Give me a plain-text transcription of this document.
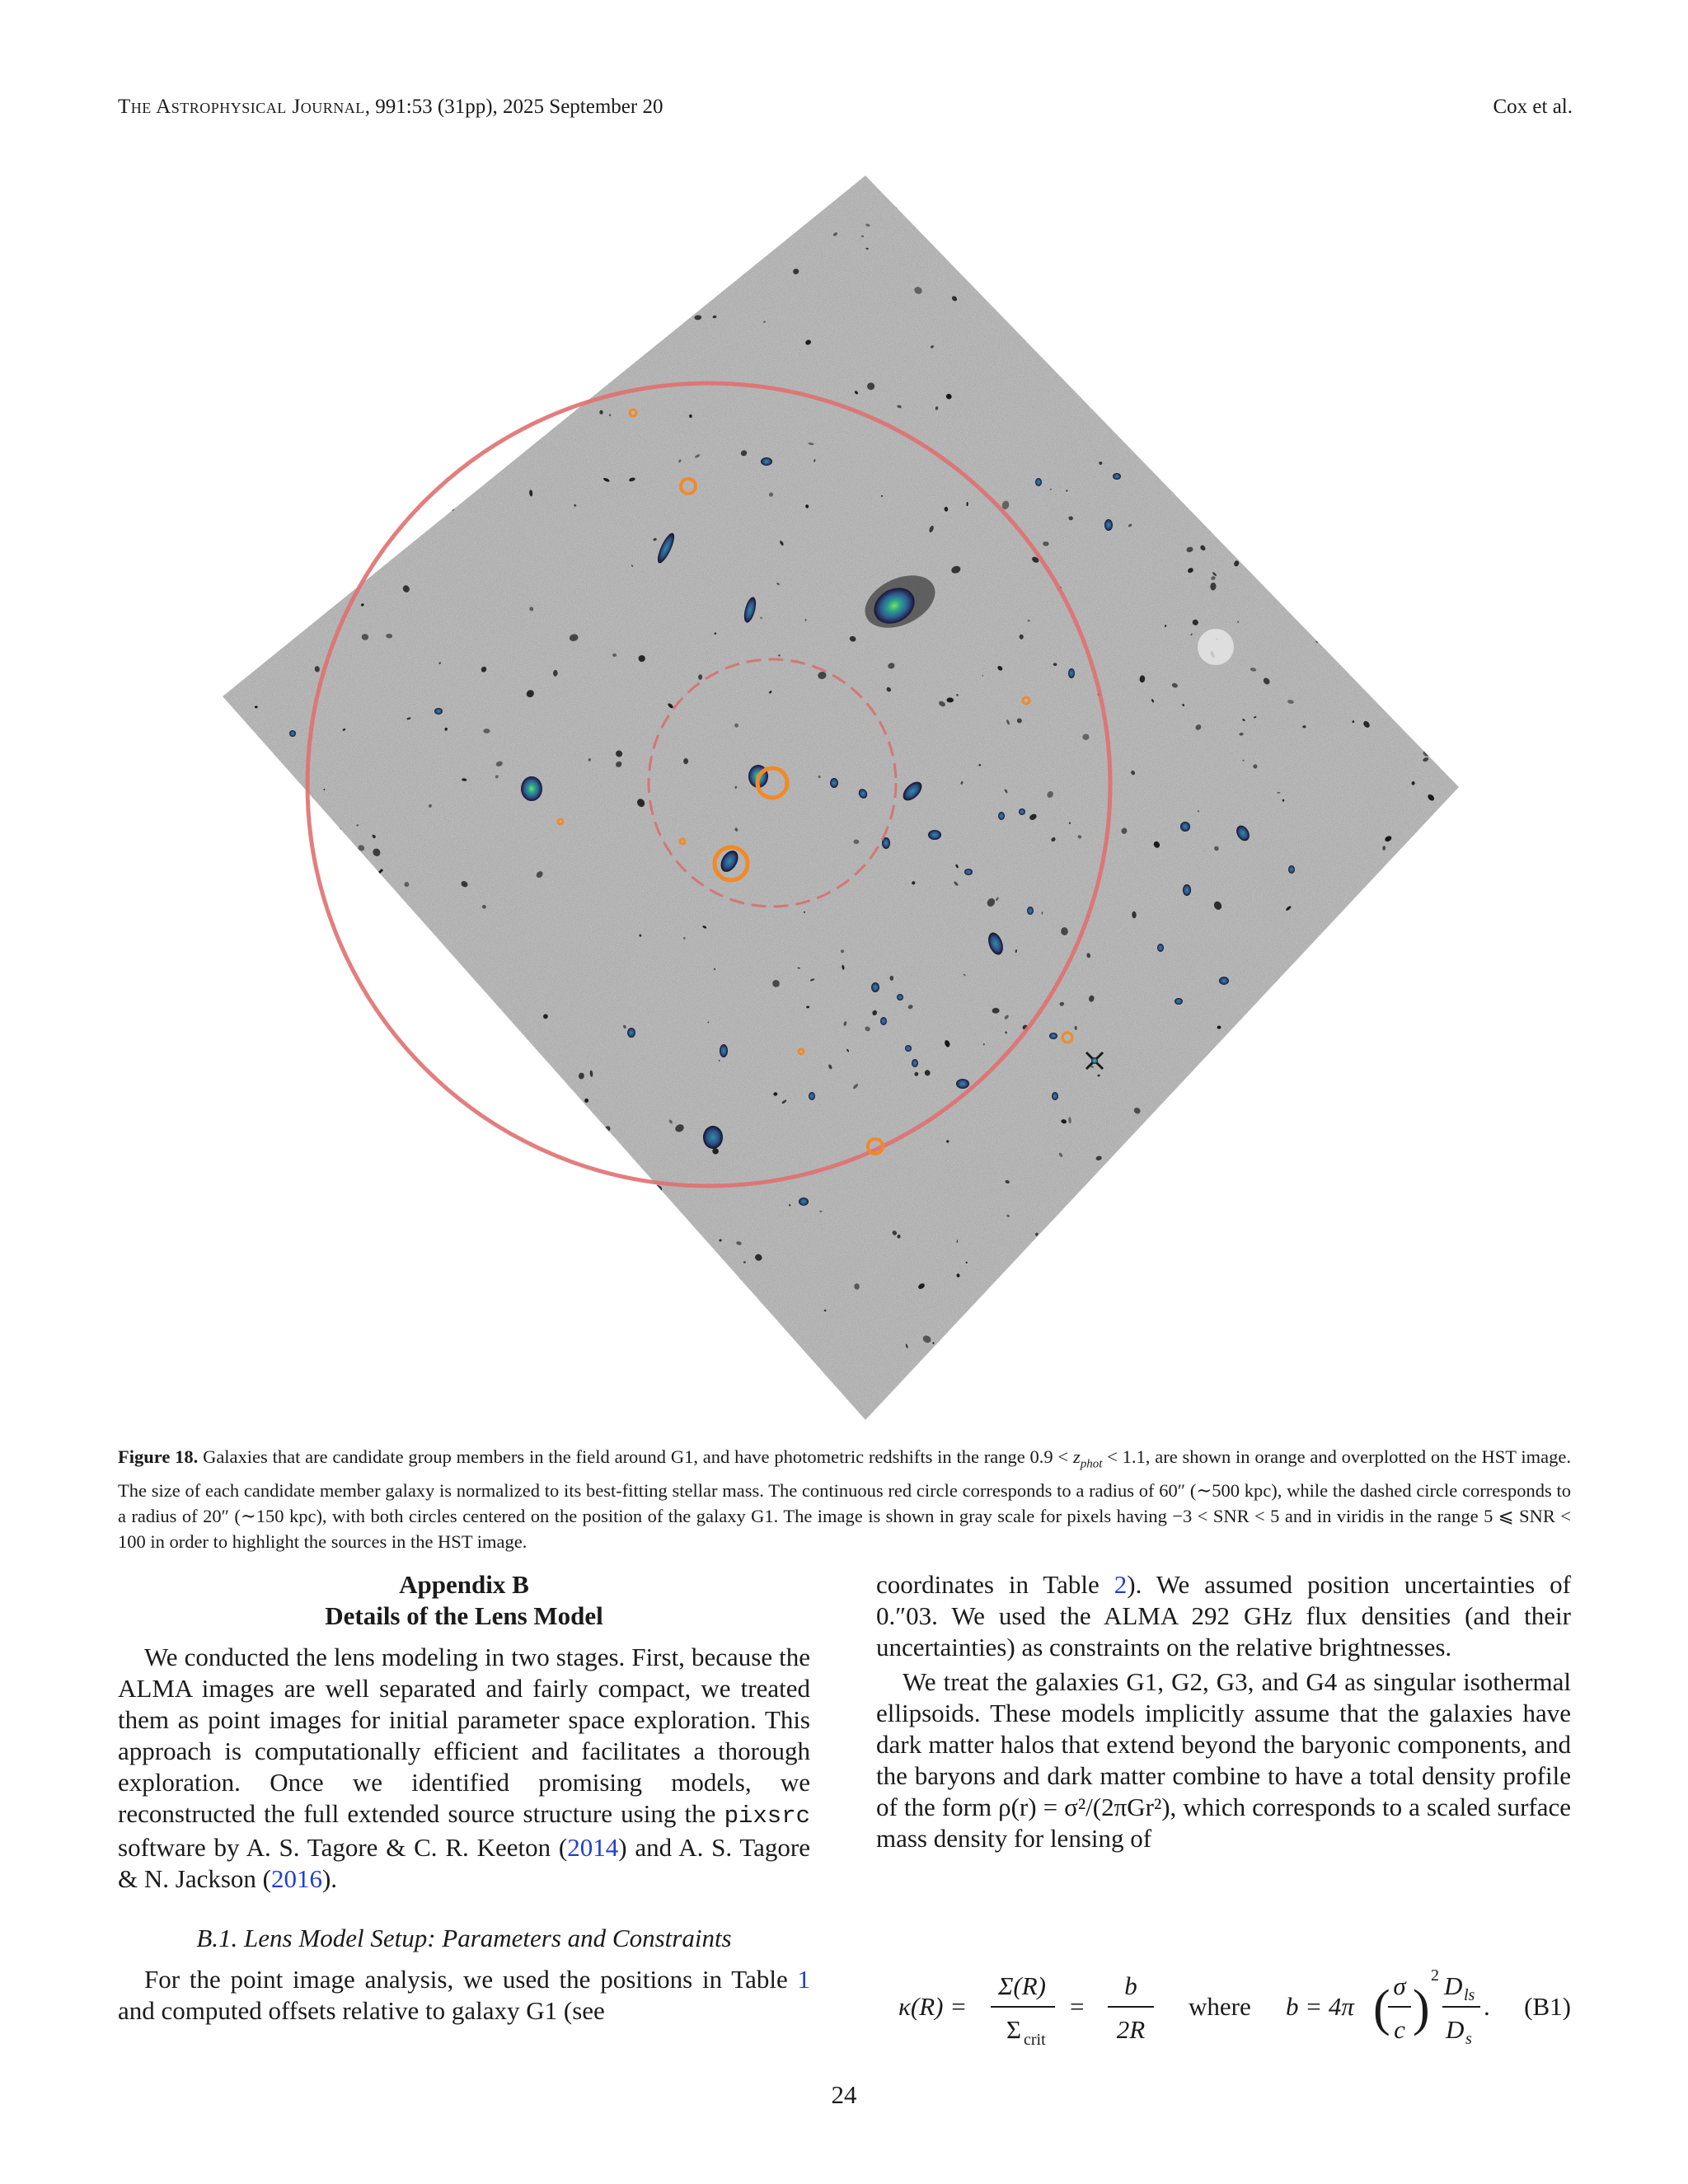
The Astrophysical Journal, 991:53 (31pp), 2025 September 20	Cox et al.
Figure 18. Galaxies that are candidate group members in the field around G1, and have photometric redshifts in the range $0.9 < z_{phot} < 1.1$, are shown in orange and overplotted on the HST image. The size of each candidate member galaxy is normalized to its best-fitting stellar mass. The continuous red circle corresponds to a radius of 60″ (∼500 kpc), while the dashed circle corresponds to a radius of 20″ (∼150 kpc), with both circles centered on the position of the galaxy G1. The image is shown in gray scale for pixels having −3 < SNR < 5 and in viridis in the range 5 ⩽ SNR < 100 in order to highlight the sources in the HST image.
Appendix B
Details of the Lens Model

We conducted the lens modeling in two stages. First, because the ALMA images are well separated and fairly compact, we treated them as point images for initial parameter space exploration. This approach is computationally efficient and facilitates a thorough exploration. Once we identified promising models, we reconstructed the full extended source structure using the pixsrc software by A. S. Tagore & C. R. Keeton (2014) and A. S. Tagore & N. Jackson (2016).

B.1. Lens Model Setup: Parameters and Constraints

For the point image analysis, we used the positions in Table 1 and computed offsets relative to galaxy G1 (see

coordinates in Table 2). We assumed position uncertainties of 0.″03. We used the ALMA 292 GHz flux densities (and their uncertainties) as constraints on the relative brightnesses.

We treat the galaxies G1, G2, G3, and G4 as singular isothermal ellipsoids. These models implicitly assume that the galaxies have dark matter halos that extend beyond the baryonic components, and the baryons and dark matter combine to have a total density profile of the form ρ(r) = σ²/(2πGr²), which corresponds to a scaled surface mass density for lensing of

κ(R) =
Σ(R)
Σ crit
=
b
2R
where b = 4π ( σ
c )
2 D ls
D s
. (B1)
24
